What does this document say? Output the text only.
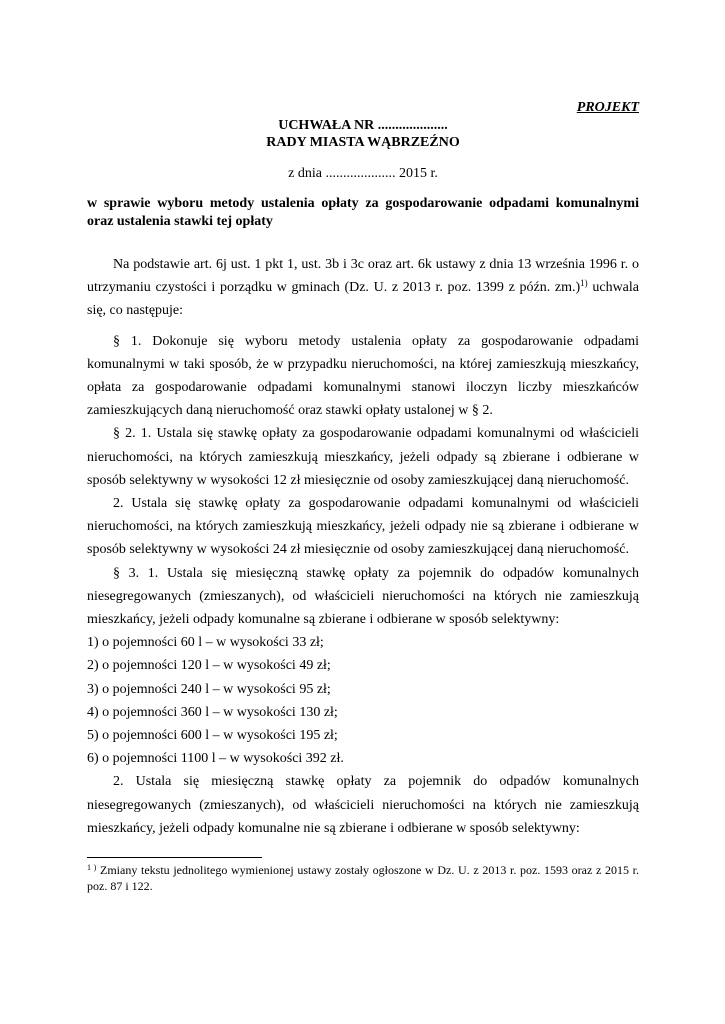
PROJEKT
UCHWAŁA NR ....................
RADY MIASTA WĄBRZEŹNO
z dnia .................... 2015 r.
w sprawie wyboru metody ustalenia opłaty za gospodarowanie odpadami komunalnymi oraz ustalenia stawki tej opłaty

Na podstawie art. 6j ust. 1 pkt 1, ust. 3b i 3c oraz art. 6k ustawy z dnia 13 września 1996 r. o utrzymaniu czystości i porządku w gminach (Dz. U. z 2013 r. poz. 1399 z późn. zm.)$^{1)}$ uchwala się, co następuje:

§ 1. Dokonuje się wyboru metody ustalenia opłaty za gospodarowanie odpadami komunalnymi w taki sposób, że w przypadku nieruchomości, na której zamieszkują mieszkańcy, opłata za gospodarowanie odpadami komunalnymi stanowi iloczyn liczby mieszkańców zamieszkujących daną nieruchomość oraz stawki opłaty ustalonej w § 2.

§ 2. 1. Ustala się stawkę opłaty za gospodarowanie odpadami komunalnymi od właścicieli nieruchomości, na których zamieszkują mieszkańcy, jeżeli odpady są zbierane i odbierane w sposób selektywny w wysokości 12 zł miesięcznie od osoby zamieszkującej daną nieruchomość.

2. Ustala się stawkę opłaty za gospodarowanie odpadami komunalnymi od właścicieli nieruchomości, na których zamieszkują mieszkańcy, jeżeli odpady nie są zbierane i odbierane w sposób selektywny w wysokości 24 zł miesięcznie od osoby zamieszkującej daną nieruchomość.

§ 3. 1. Ustala się miesięczną stawkę opłaty za pojemnik do odpadów komunalnych niesegregowanych (zmieszanych), od właścicieli nieruchomości na których nie zamieszkują mieszkańcy, jeżeli odpady komunalne są zbierane i odbierane w sposób selektywny:

1) o pojemności 60 l – w wysokości 33 zł;

2) o pojemności 120 l – w wysokości 49 zł;

3) o pojemności 240 l – w wysokości 95 zł;

4) o pojemności 360 l – w wysokości 130 zł;

5) o pojemności 600 l – w wysokości 195 zł;

6) o pojemności 1100 l – w wysokości 392 zł.

2. Ustala się miesięczną stawkę opłaty za pojemnik do odpadów komunalnych niesegregowanych (zmieszanych), od właścicieli nieruchomości na których nie zamieszkują mieszkańcy, jeżeli odpady komunalne nie są zbierane i odbierane w sposób selektywny:

$^{1 )}$ Zmiany tekstu jednolitego wymienionej ustawy zostały ogłoszone w Dz. U. z 2013 r. poz. 1593 oraz z 2015 r. poz. 87 i 122.
